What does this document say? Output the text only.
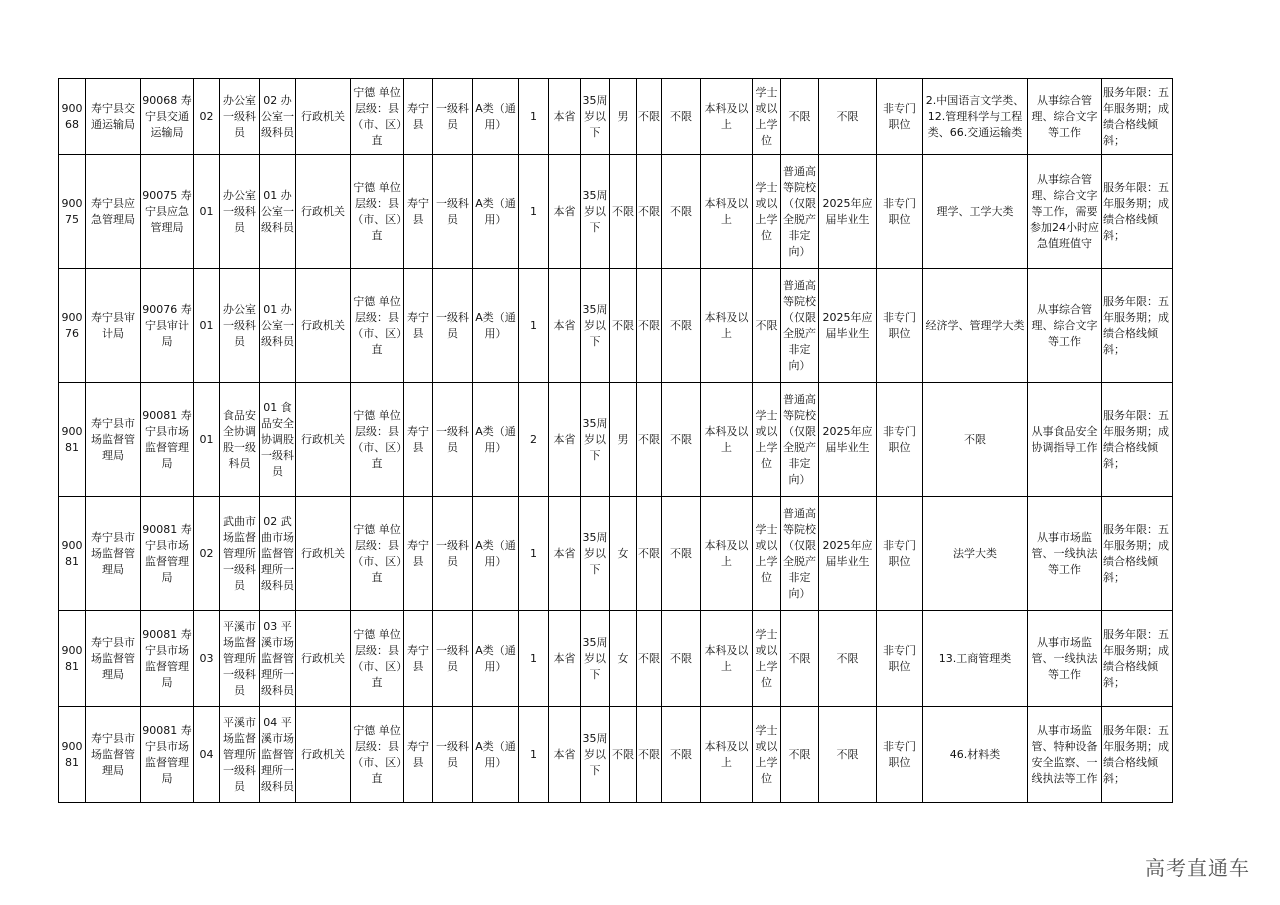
90068	寿宁县交通运输局	90068 寿宁县交通运输局	02	办公室一级科员	02 办公室一级科员	行政机关	宁德 单位层级：县（市、区）直	寿宁县	一级科员	A类（通用）	1	本省	35周岁以下	男	不限	不限	本科及以上	学士或以上学位	不限	不限	非专门职位	2.中国语言文学类、12.管理科学与工程类、66.交通运输类	从事综合管理、综合文字等工作	服务年限：五年服务期；成绩合格线倾斜；
90075	寿宁县应急管理局	90075 寿宁县应急管理局	01	办公室一级科员	01 办公室一级科员	行政机关	宁德 单位层级：县（市、区）直	寿宁县	一级科员	A类（通用）	1	本省	35周岁以下	不限	不限	不限	本科及以上	学士或以上学位	普通高等院校（仅限全脱产非定向）	2025年应届毕业生	非专门职位	理学、工学大类	从事综合管理、综合文字等工作，需要参加24小时应急值班值守	服务年限：五年服务期；成绩合格线倾斜；
90076	寿宁县审计局	90076 寿宁县审计局	01	办公室一级科员	01 办公室一级科员	行政机关	宁德 单位层级：县（市、区）直	寿宁县	一级科员	A类（通用）	1	本省	35周岁以下	不限	不限	不限	本科及以上	不限	普通高等院校（仅限全脱产非定向）	2025年应届毕业生	非专门职位	经济学、管理学大类	从事综合管理、综合文字等工作	服务年限：五年服务期；成绩合格线倾斜；
90081	寿宁县市场监督管理局	90081 寿宁县市场监督管理局	01	食品安全协调股一级科员	01 食品安全协调股一级科员	行政机关	宁德 单位层级：县（市、区）直	寿宁县	一级科员	A类（通用）	2	本省	35周岁以下	男	不限	不限	本科及以上	学士或以上学位	普通高等院校（仅限全脱产非定向）	2025年应届毕业生	非专门职位	不限	从事食品安全协调指导工作	服务年限：五年服务期；成绩合格线倾斜；
90081	寿宁县市场监督管理局	90081 寿宁县市场监督管理局	02	武曲市场监督管理所一级科员	02 武曲市场监督管理所一级科员	行政机关	宁德 单位层级：县（市、区）直	寿宁县	一级科员	A类（通用）	1	本省	35周岁以下	女	不限	不限	本科及以上	学士或以上学位	普通高等院校（仅限全脱产非定向）	2025年应届毕业生	非专门职位	法学大类	从事市场监管、一线执法等工作	服务年限：五年服务期；成绩合格线倾斜；
90081	寿宁县市场监督管理局	90081 寿宁县市场监督管理局	03	平溪市场监督管理所一级科员	03 平溪市场监督管理所一级科员	行政机关	宁德 单位层级：县（市、区）直	寿宁县	一级科员	A类（通用）	1	本省	35周岁以下	女	不限	不限	本科及以上	学士或以上学位	不限	不限	非专门职位	13.工商管理类	从事市场监管、一线执法等工作	服务年限：五年服务期；成绩合格线倾斜；
90081	寿宁县市场监督管理局	90081 寿宁县市场监督管理局	04	平溪市场监督管理所一级科员	04 平溪市场监督管理所一级科员	行政机关	宁德 单位层级：县（市、区）直	寿宁县	一级科员	A类（通用）	1	本省	35周岁以下	不限	不限	不限	本科及以上	学士或以上学位	不限	不限	非专门职位	46.材料类	从事市场监管、特种设备安全监察、一线执法等工作	服务年限：五年服务期；成绩合格线倾斜；
高考直通车
